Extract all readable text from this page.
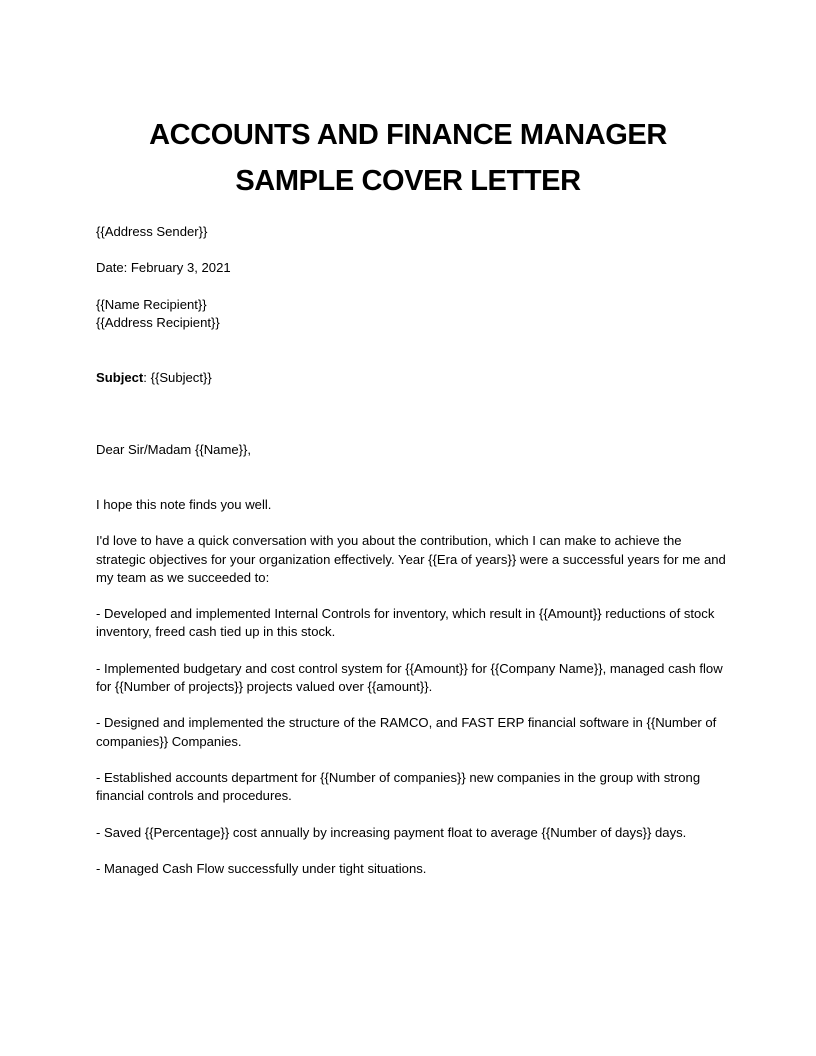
ACCOUNTS AND FINANCE MANAGER
SAMPLE COVER LETTER

{{Address Sender}}

Date: February 3, 2021

{{Name Recipient}}

{{Address Recipient}}

Subject: {{Subject}}

Dear Sir/Madam {{Name}},

I hope this note finds you well.

I'd love to have a quick conversation with you about the contribution, which I can make to achieve the strategic objectives for your organization effectively. Year {{Era of years}} were a successful years for me and my team as we succeeded to:

- Developed and implemented Internal Controls for inventory, which result in {{Amount}} reductions of stock inventory, freed cash tied up in this stock.

- Implemented budgetary and cost control system for {{Amount}} for {{Company Name}}, managed cash flow for {{Number of projects}} projects valued over {{amount}}.

- Designed and implemented the structure of the RAMCO, and FAST ERP financial software in {{Number of companies}} Companies.

- Established accounts department for {{Number of companies}} new companies in the group with strong financial controls and procedures.

- Saved {{Percentage}} cost annually by increasing payment float to average {{Number of days}} days.

- Managed Cash Flow successfully under tight situations.
